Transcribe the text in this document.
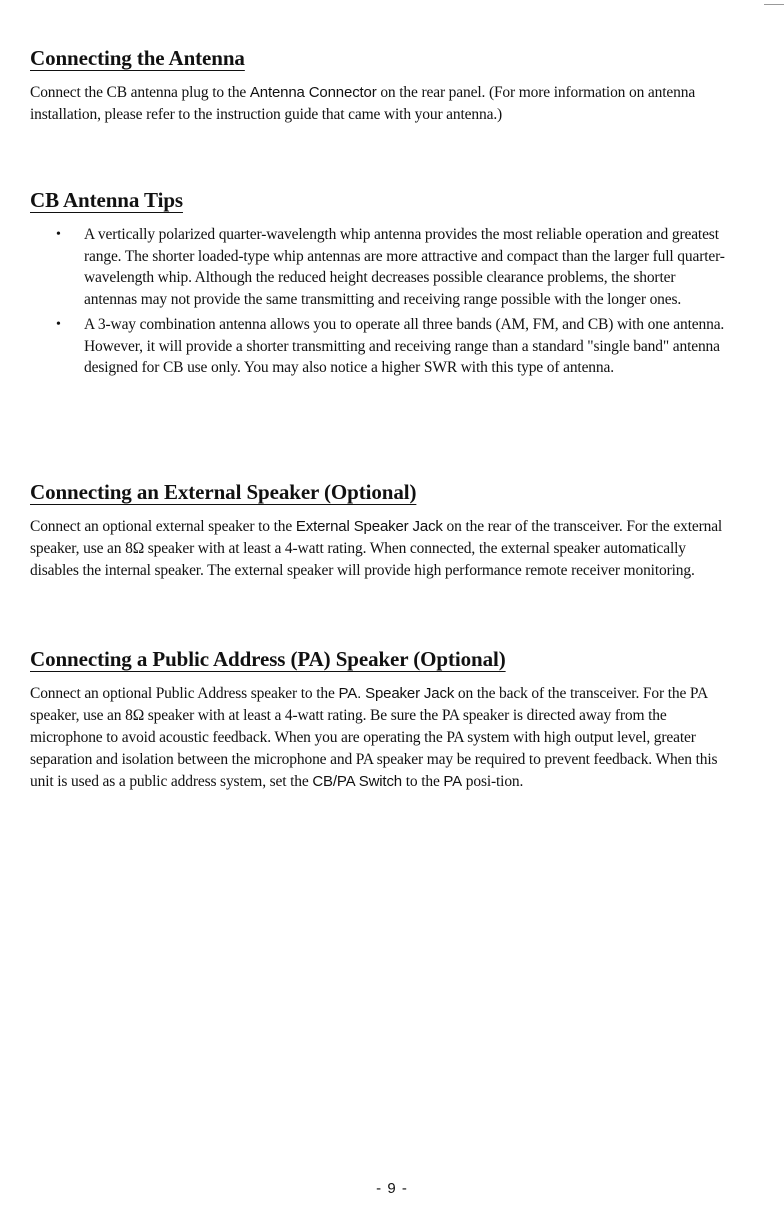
Connecting the Antenna

Connect the CB antenna plug to the Antenna Connector on the rear panel. (For more information on antenna installation, please refer to the instruction guide that came with your antenna.)

CB Antenna Tips
• A vertically polarized quarter-wavelength whip antenna provides the most reliable operation and greatest range. The shorter loaded-type whip antennas are more attractive and compact than the larger full quarter-wavelength whip. Although the reduced height decreases possible clearance problems, the shorter antennas may not provide the same transmitting and receiving range possible with the longer ones.
• A 3-way combination antenna allows you to operate all three bands (AM, FM, and CB) with one antenna. However, it will provide a shorter transmitting and receiving range than a standard "single band" antenna designed for CB use only. You may also notice a higher SWR with this type of antenna.
Connecting an External Speaker (Optional)

Connect an optional external speaker to the External Speaker Jack on the rear of the transceiver. For the external speaker, use an 8Ω speaker with at least a 4-watt rating. When connected, the external speaker automatically disables the internal speaker. The external speaker will provide high performance remote receiver monitoring.

Connecting a Public Address (PA) Speaker (Optional)

Connect an optional Public Address speaker to the PA. Speaker Jack on the back of the transceiver. For the PA speaker, use an 8Ω speaker with at least a 4-watt rating. Be sure the PA speaker is directed away from the microphone to avoid acoustic feedback. When you are operating the PA system with high output level, greater separation and isolation between the microphone and PA speaker may be required to prevent feedback. When this unit is used as a public address system, set the CB/PA Switch to the PA posi-tion.

- 9 -
